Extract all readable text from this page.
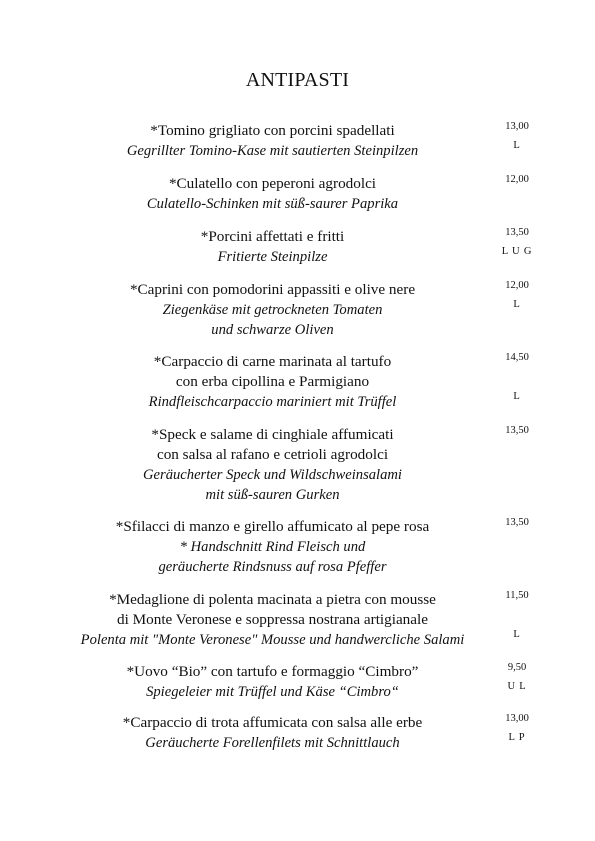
ANTIPASTI
*Tomino grigliato con porcini spadellati
Gegrillter Tomino-Kase mit sautierten Steinpilzen
13,00
L
*Culatello con peperoni agrodolci
Culatello-Schinken mit süß-saurer Paprika
12,00
*Porcini affettati e fritti
Fritierte Steinpilze
13,50
L U G
*Caprini con pomodorini appassiti e olive nere
Ziegenkäse mit getrockneten Tomaten
und schwarze Oliven
12,00
L
*Carpaccio di carne marinata al tartufo
con erba cipollina e Parmigiano
Rindfleischcarpaccio mariniert mit Trüffel
14,50
L
*Speck e salame di cinghiale affumicati
con salsa al rafano e cetrioli agrodolci
Geräucherter Speck und Wildschweinsalami
mit süß-sauren Gurken
13,50
*Sfilacci di manzo e girello affumicato al pepe rosa
* Handschnitt Rind Fleisch und
geräucherte Rindsnuss auf rosa Pfeffer
13,50
*Medaglione di polenta macinata a pietra con mousse
di Monte Veronese e soppressa nostrana artigianale
Polenta mit "Monte Veronese" Mousse und handwercliche Salami
11,50
L
*Uovo “Bio” con tartufo e formaggio “Cimbro”
Spiegeleier mit Trüffel und Käse “Cimbro“
9,50
U L
*Carpaccio di trota affumicata con salsa alle erbe
Geräucherte Forellenfilets mit Schnittlauch
13,00
L P
